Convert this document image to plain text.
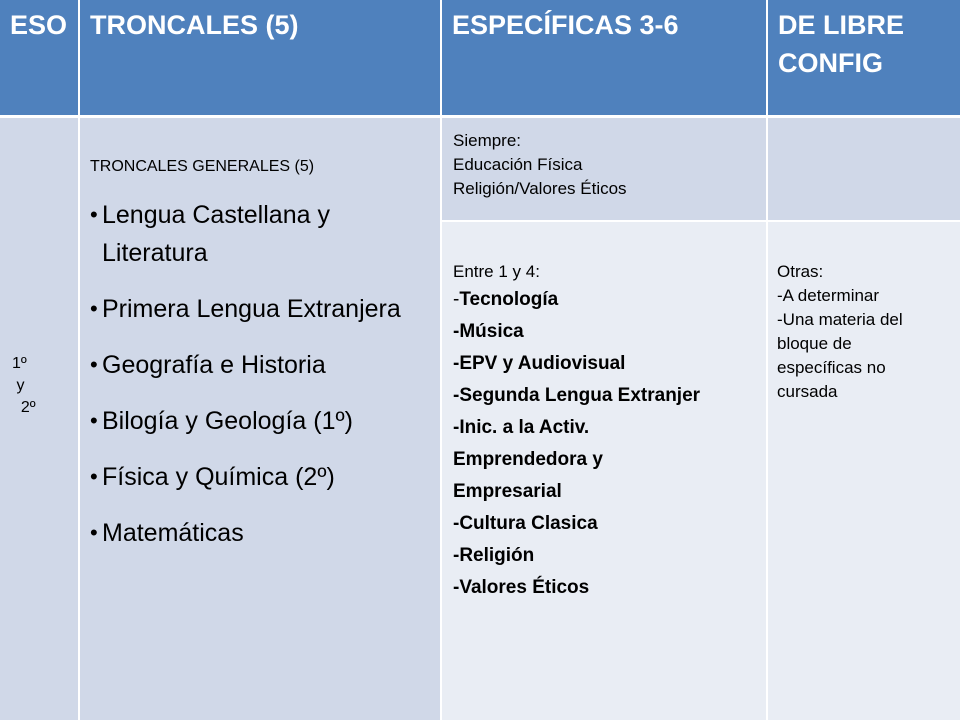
ESO TRONCALES (5)	ESPECÍFICAS 3-6	DE LIBRE
CONFIG
1º
y
2º

TRONCALES GENERALES (5)

• Lengua Castellana y Literatura
• Primera Lengua Extranjera
• Geografía e Historia
• Bilogía y Geología (1º)
• Física y Química (2º)
• Matemáticas
Siempre:
Educación Física
Religión/Valores Éticos
Entre 1 y 4:
-Tecnología
-Música
-EPV y Audiovisual
-Segunda Lengua Extranjer
-Inic. a la Activ.
Emprendedora y
Empresarial
-Cultura Clasica
-Religión
-Valores Éticos
Otras:
-A determinar
-Una materia del
bloque de
específicas no
cursada
